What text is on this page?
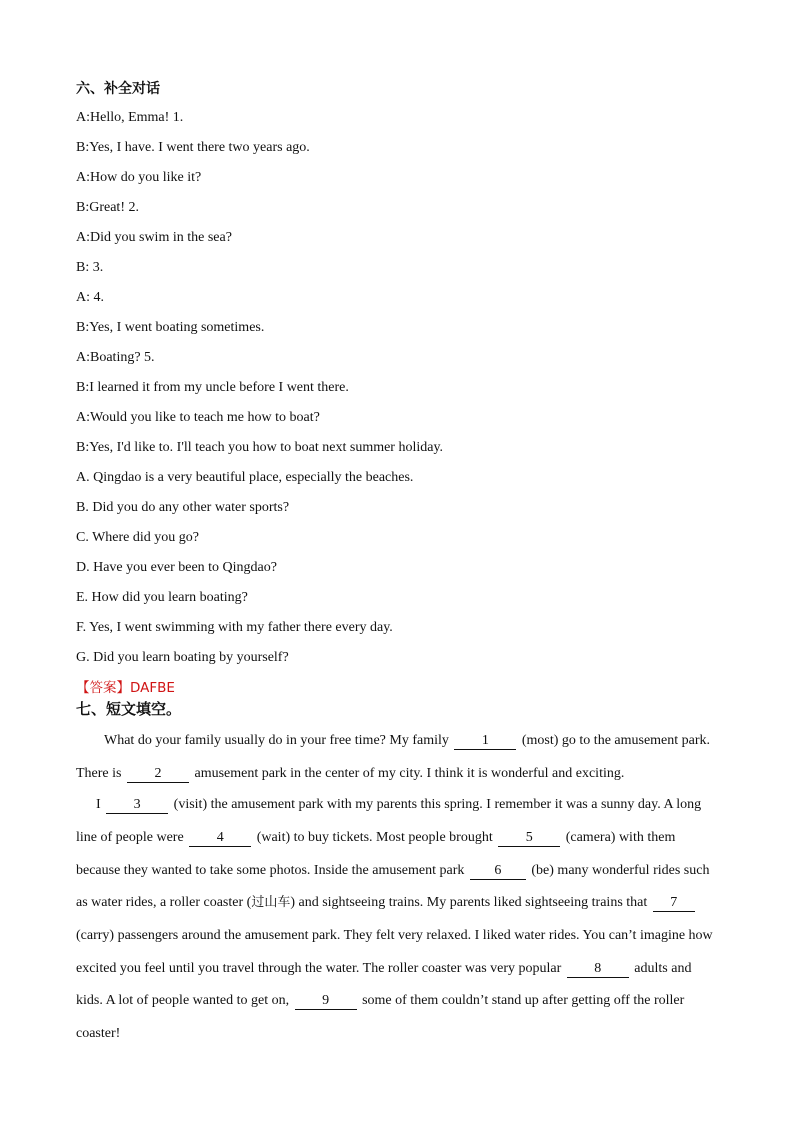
六、补全对话
A:Hello, Emma! 1.
B:Yes, I have. I went there two years ago.
A:How do you like it?
B:Great! 2.
A:Did you swim in the sea?
B: 3.
A: 4.
B:Yes, I went boating sometimes.
A:Boating? 5.
B:I learned it from my uncle before I went there.
A:Would you like to teach me how to boat?
B:Yes, I'd like to. I'll teach you how to boat next summer holiday.
A. Qingdao is a very beautiful place, especially the beaches.
B. Did you do any other water sports?
C. Where did you go?
D. Have you ever been to Qingdao?
E. How did you learn boating?
F. Yes, I went swimming with my father there every day.
G. Did you learn boating by yourself?
【答案】DAFBE
七、短文填空。
What do your family usually do in your free time? My family 1 (most) go to the amusement park.
There is 2 amusement park in the center of my city. I think it is wonderful and exciting.
I 3 (visit) the amusement park with my parents this spring. I remember it was a sunny day. A long
line of people were 4 (wait) to buy tickets. Most people brought 5 (camera) with them
because they wanted to take some photos. Inside the amusement park 6 (be) many wonderful rides such
as water rides, a roller coaster (过山车) and sightseeing trains. My parents liked sightseeing trains that 7
(carry) passengers around the amusement park. They felt very relaxed. I liked water rides. You can’t imagine how
excited you feel until you travel through the water. The roller coaster was very popular 8 adults and
kids. A lot of people wanted to get on, 9 some of them couldn’t stand up after getting off the roller
coaster!
